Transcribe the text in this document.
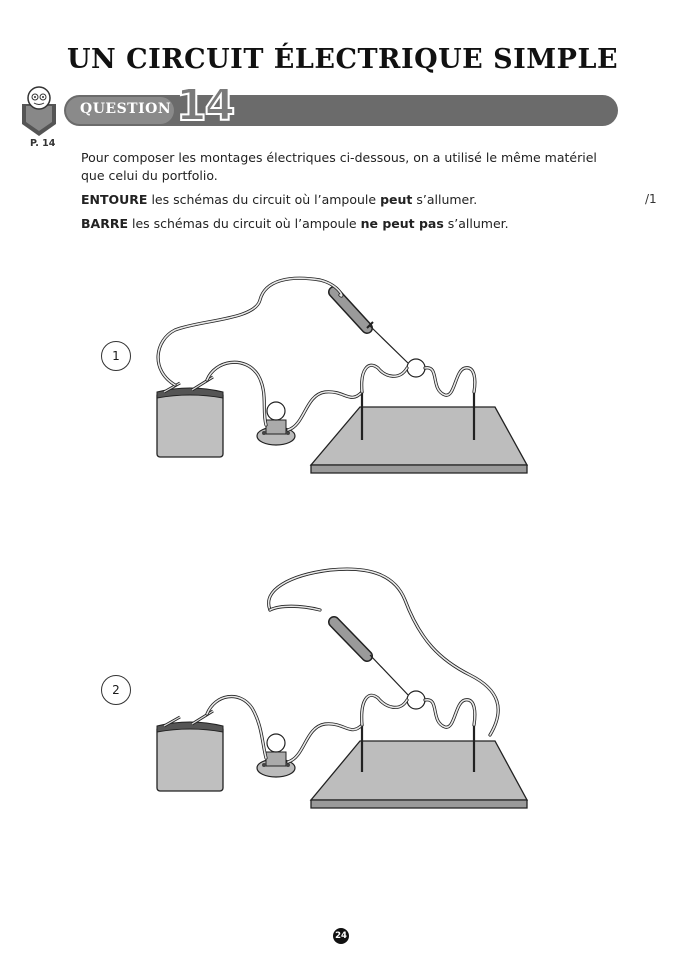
UN CIRCUIT ÉLECTRIQUE SIMPLE
P. 14
QUESTION 14
Pour composer les montages électriques ci-dessous, on a utilisé le même matériel que celui du portfolio.
ENTOURE les schémas du circuit où l’ampoule peut s’allumer.
BARRE les schémas du circuit où l’ampoule ne peut pas s’allumer.
/1
1
2
24
